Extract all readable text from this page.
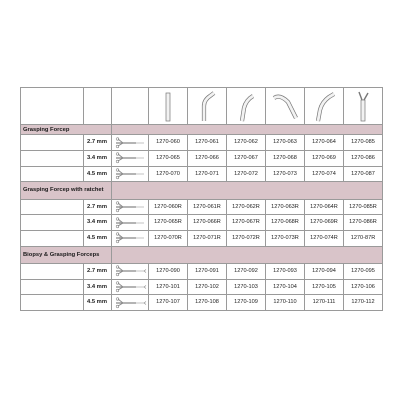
Grasping Forcep								
	2.7 mm		1270-060	1270-061	1270-062	1270-063	1270-064	1270-085
	3.4 mm		1270-065	1270-066	1270-067	1270-068	1270-069	1270-086
	4.5 mm		1270-070	1270-071	1270-072	1270-073	1270-074	1270-087
Grasping Forcep with ratchet								
	2.7 mm		1270-060R	1270-061R	1270-062R	1270-063R	1270-064R	1270-085R
	3.4 mm		1270-065R	1270-066R	1270-067R	1270-068R	1270-069R	1270-086R
	4.5 mm		1270-070R	1270-071R	1270-072R	1270-073R	1270-074R	1270-87R
Biopsy & Grasping Forceps								
	2.7 mm		1270-090	1270-091	1270-092	1270-093	1270-094	1270-095
	3.4 mm		1270-101	1270-102	1270-103	1270-104	1270-105	1270-106
	4.5 mm		1270-107	1270-108	1270-109	1270-110	1270-111	1270-112
